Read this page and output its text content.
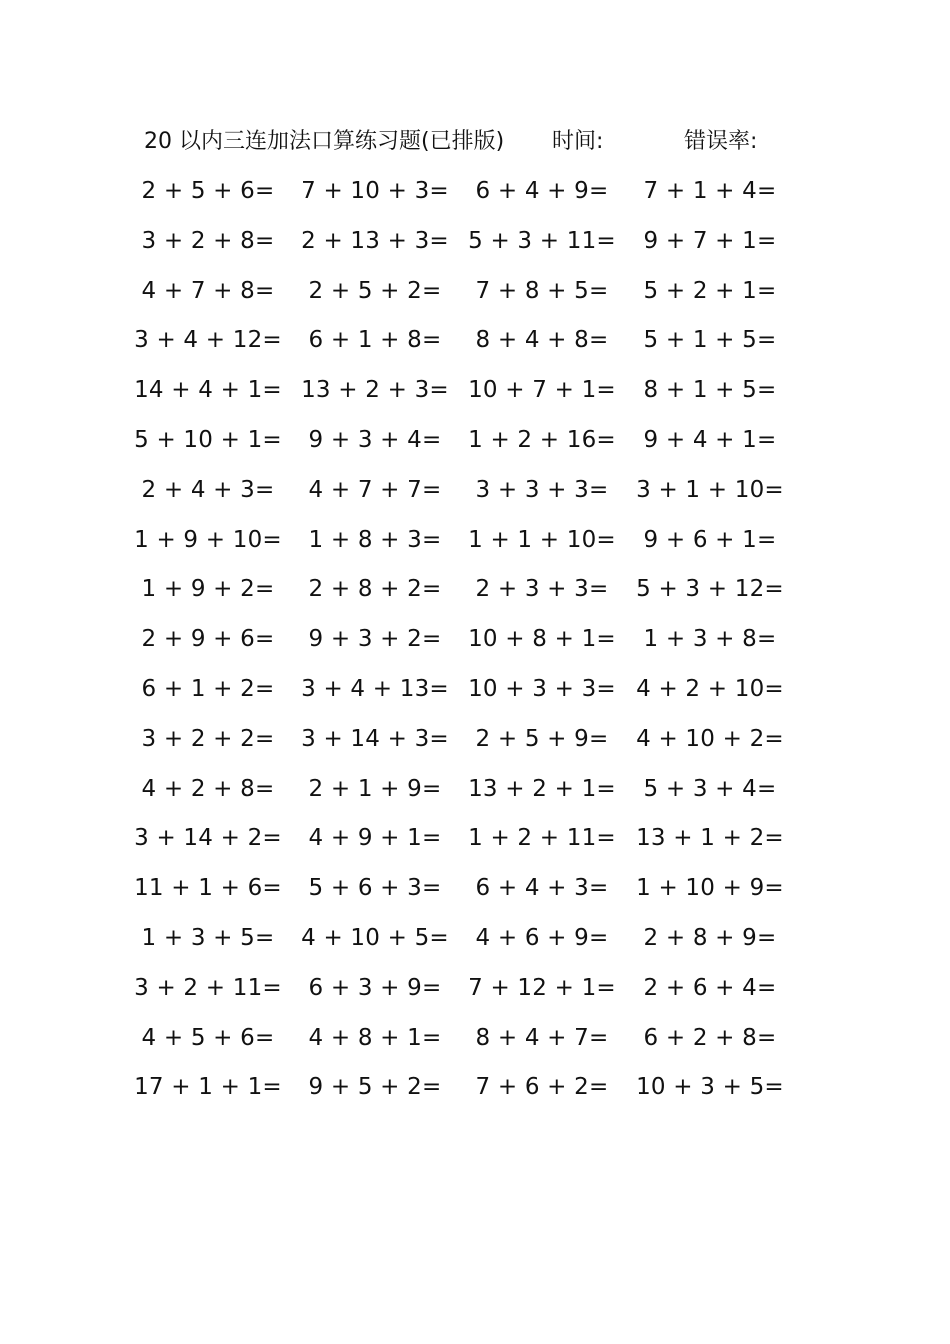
20 以内三连加法口算练习题(已排版) 时间:	错误率:
2 + 5 + 6=	7 + 10 + 3=	6 + 4 + 9=	7 + 1 + 4=
3 + 2 + 8=	2 + 13 + 3= 5 + 3 + 11=	9 + 7 + 1=
4 + 7 + 8=	2 + 5 + 2=	7 + 8 + 5=	5 + 2 + 1=
3 + 4 + 12=	6 + 1 + 8=	8 + 4 + 8=	5 + 1 + 5=
14 + 4 + 1= 13 + 2 + 3= 10 + 7 + 1=	8 + 1 + 5=
5 + 10 + 1=	9 + 3 + 4=	1 + 2 + 16=	9 + 4 + 1=
2 + 4 + 3=	4 + 7 + 7=	3 + 3 + 3=	3 + 1 + 10=
1 + 9 + 10=	1 + 8 + 3=	1 + 1 + 10=	9 + 6 + 1=
1 + 9 + 2=	2 + 8 + 2=	2 + 3 + 3=	5 + 3 + 12=
2 + 9 + 6=	9 + 3 + 2=	10 + 8 + 1=	1 + 3 + 8=
6 + 1 + 2=	3 + 4 + 13= 10 + 3 + 3= 4 + 2 + 10=
3 + 2 + 2=	3 + 14 + 3=	2 + 5 + 9=	4 + 10 + 2=
4 + 2 + 8=	2 + 1 + 9=	13 + 2 + 1=	5 + 3 + 4=
3 + 14 + 2=	4 + 9 + 1=	1 + 2 + 11= 13 + 1 + 2=
11 + 1 + 6=	5 + 6 + 3=	6 + 4 + 3=	1 + 10 + 9=
1 + 3 + 5=	4 + 10 + 5=	4 + 6 + 9=	2 + 8 + 9=
3 + 2 + 11=	6 + 3 + 9=	7 + 12 + 1=	2 + 6 + 4=
4 + 5 + 6=	4 + 8 + 1=	8 + 4 + 7=	6 + 2 + 8=
17 + 1 + 1=	9 + 5 + 2=	7 + 6 + 2=	10 + 3 + 5=
